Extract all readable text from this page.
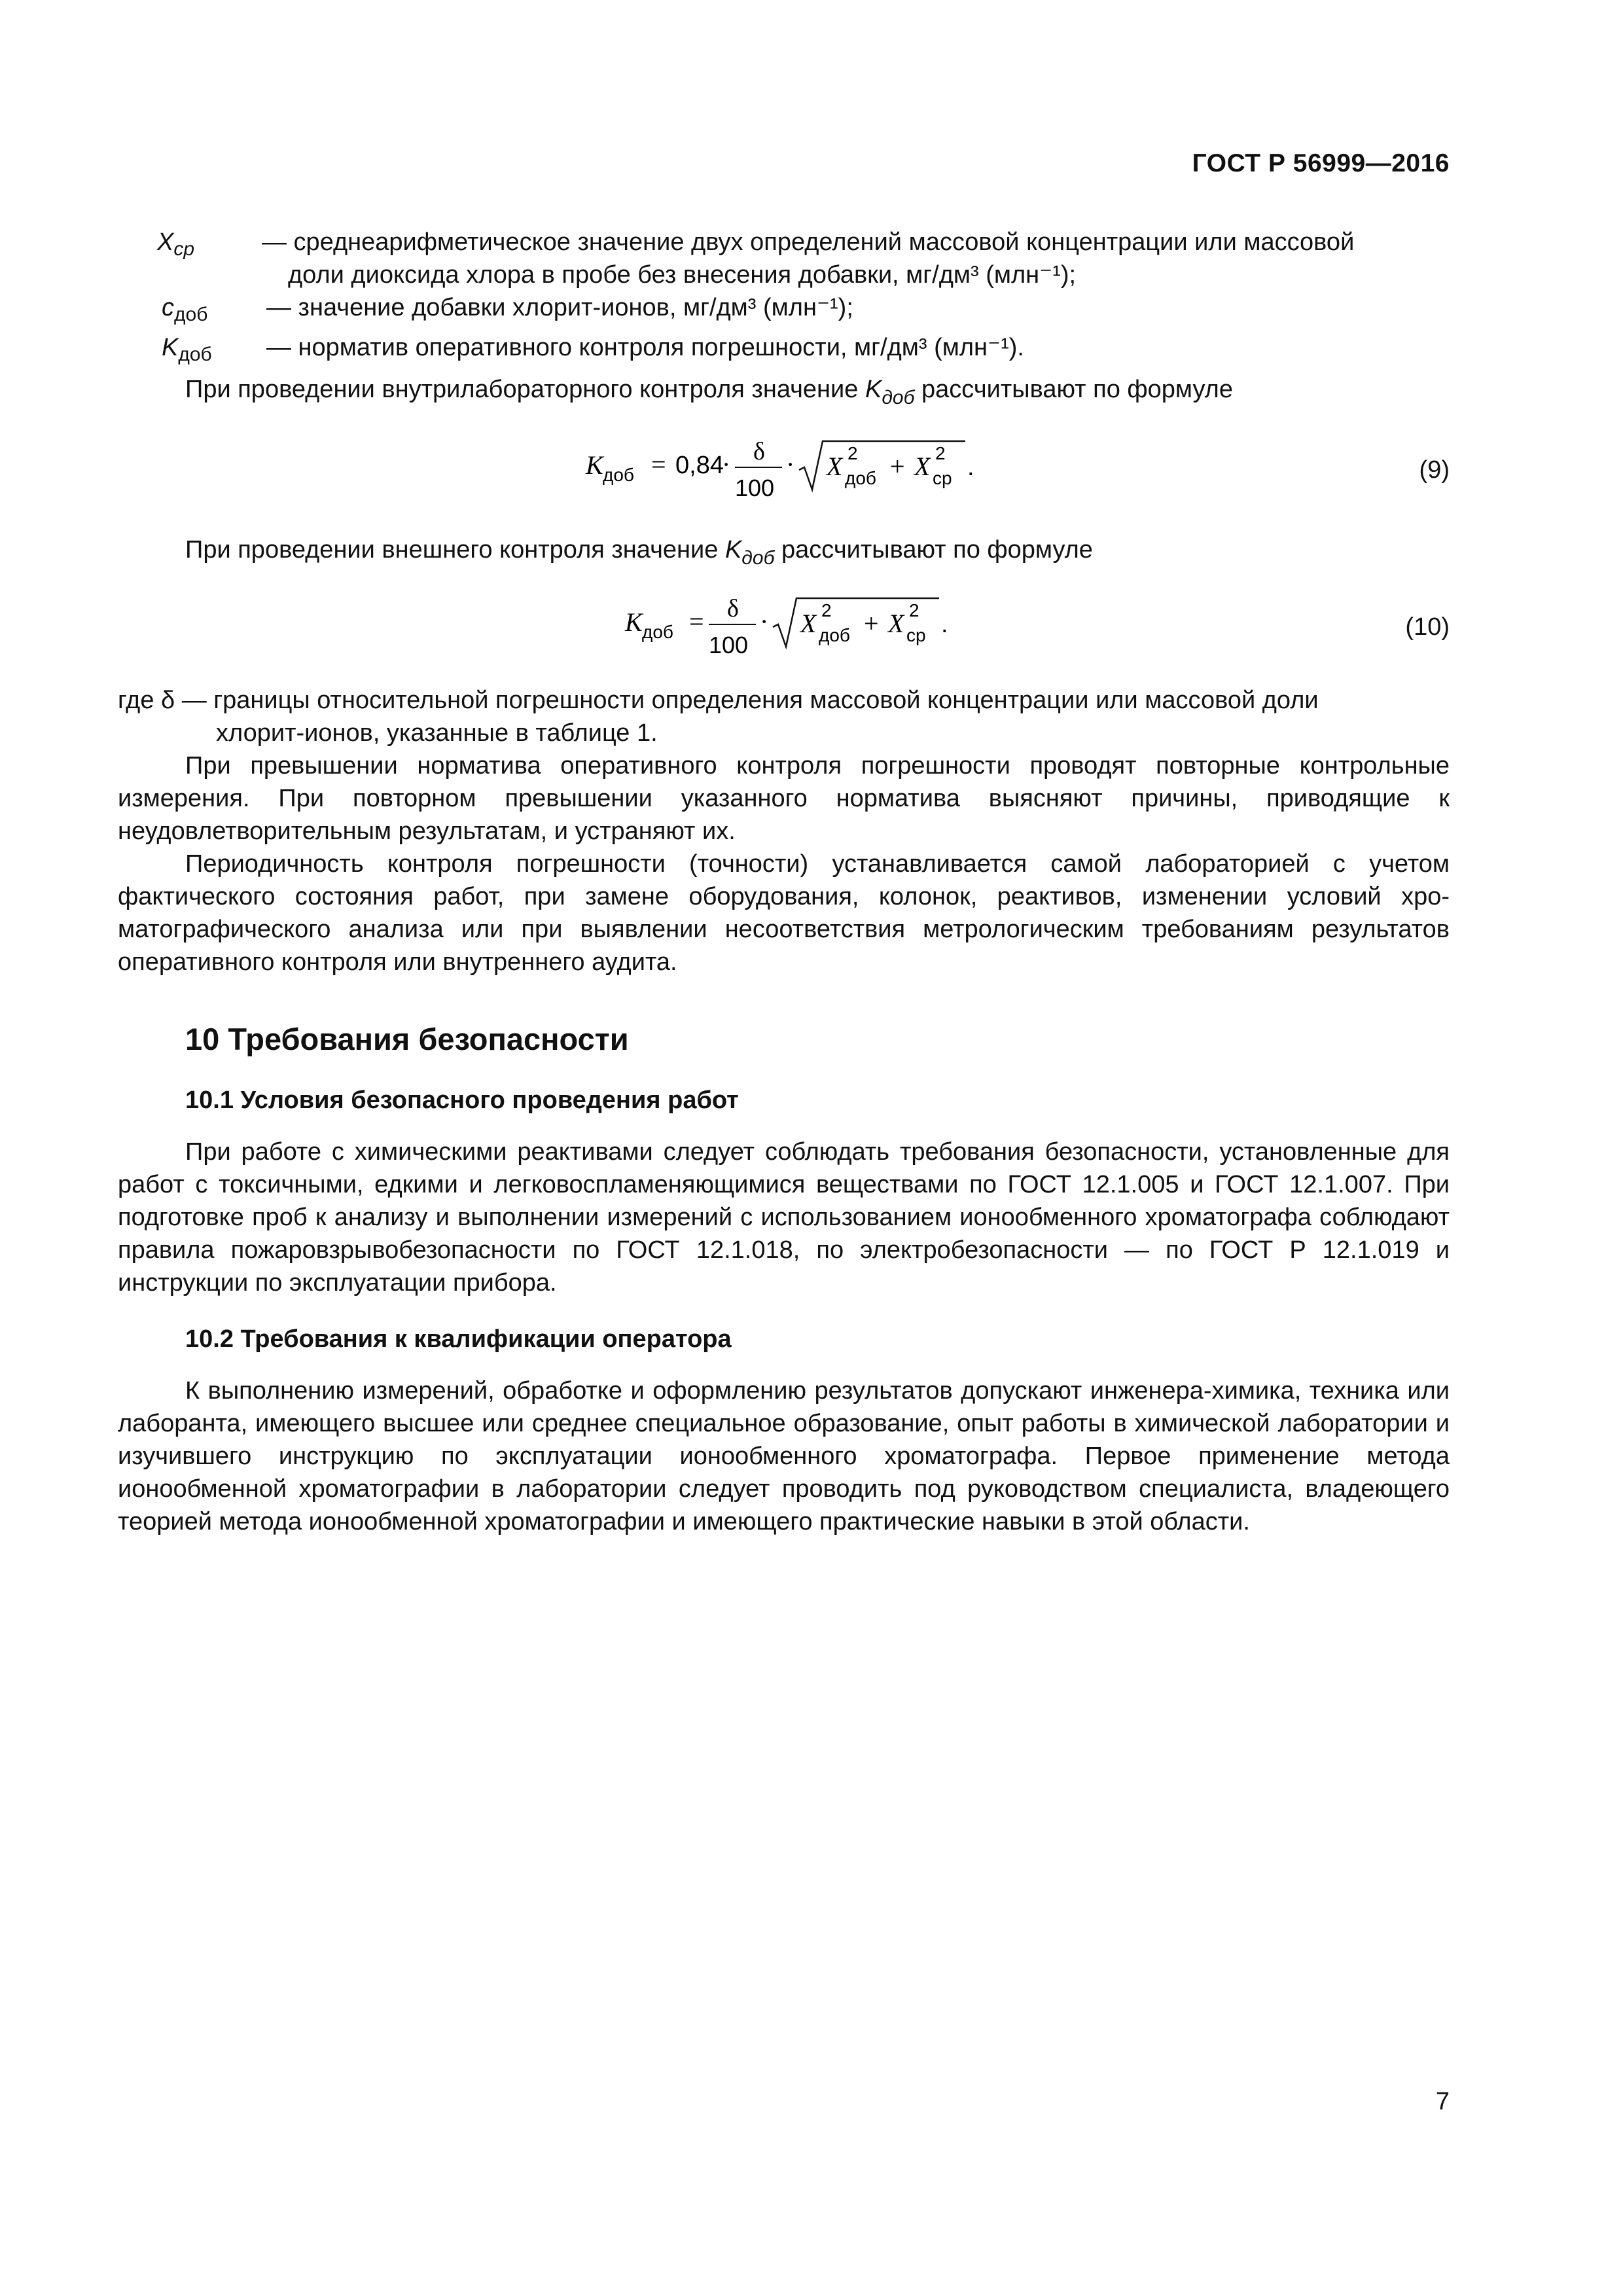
ГОСТ Р 56999—2016
$X_{ср}$	— среднеарифметическое значение двух определений массовой концентрации или массовой
доли диоксида хлора в пробе без внесения добавки, мг/дм³ (млн⁻¹);
$c_{доб}$	— значение добавки хлорит-ионов, мг/дм³ (млн⁻¹);
$K_{доб}$	— норматив оперативного контроля погрешности, мг/дм³ (млн⁻¹).
При проведении внутрилабораторного контроля значение $K_{доб}$ рассчитывают по формуле
K доб = 0,84
· δ
100
· X 2
доб + X 2
ср .	(9)
При проведении внешнего контроля значение $K_{доб}$ рассчитывают по формуле
K доб = δ
100
· X 2
доб + X 2
ср .	(10)
где δ — границы относительной погрешности определения массовой концентрации или массовой доли
хлорит-ионов, указанные в таблице 1.
При превышении норматива оперативного контроля погрешности проводят повторные контрольные измерения. При повторном превышении указанного норматива выясняют причины, приводящие к неудовлетворительным результатам, и устраняют их.
Периодичность контроля погрешности (точности) устанавливается самой лабораторией с учетом фактического состояния работ, при замене оборудования, колонок, реактивов, изменении условий хроматографического анализа или при выявлении несоответствия метрологическим требованиям результатов оперативного контроля или внутреннего аудита.
10 Требования безопасности
10.1 Условия безопасного проведения работ
При работе с химическими реактивами следует соблюдать требования безопасности, установленные для работ с токсичными, едкими и легковоспламеняющимися веществами по ГОСТ 12.1.005 и ГОСТ 12.1.007. При подготовке проб к анализу и выполнении измерений с использованием ионообменного хроматографа соблюдают правила пожаровзрывобезопасности по ГОСТ 12.1.018, по электробезопасности — по ГОСТ Р 12.1.019 и инструкции по эксплуатации прибора.
10.2 Требования к квалификации оператора
К выполнению измерений, обработке и оформлению результатов допускают инженера-химика, техника или лаборанта, имеющего высшее или среднее специальное образование, опыт работы в химической лаборатории и изучившего инструкцию по эксплуатации ионообменного хроматографа. Первое применение метода ионообменной хроматографии в лаборатории следует проводить под руководством специалиста, владеющего теорией метода ионообменной хроматографии и имеющего практические навыки в этой области.
7
